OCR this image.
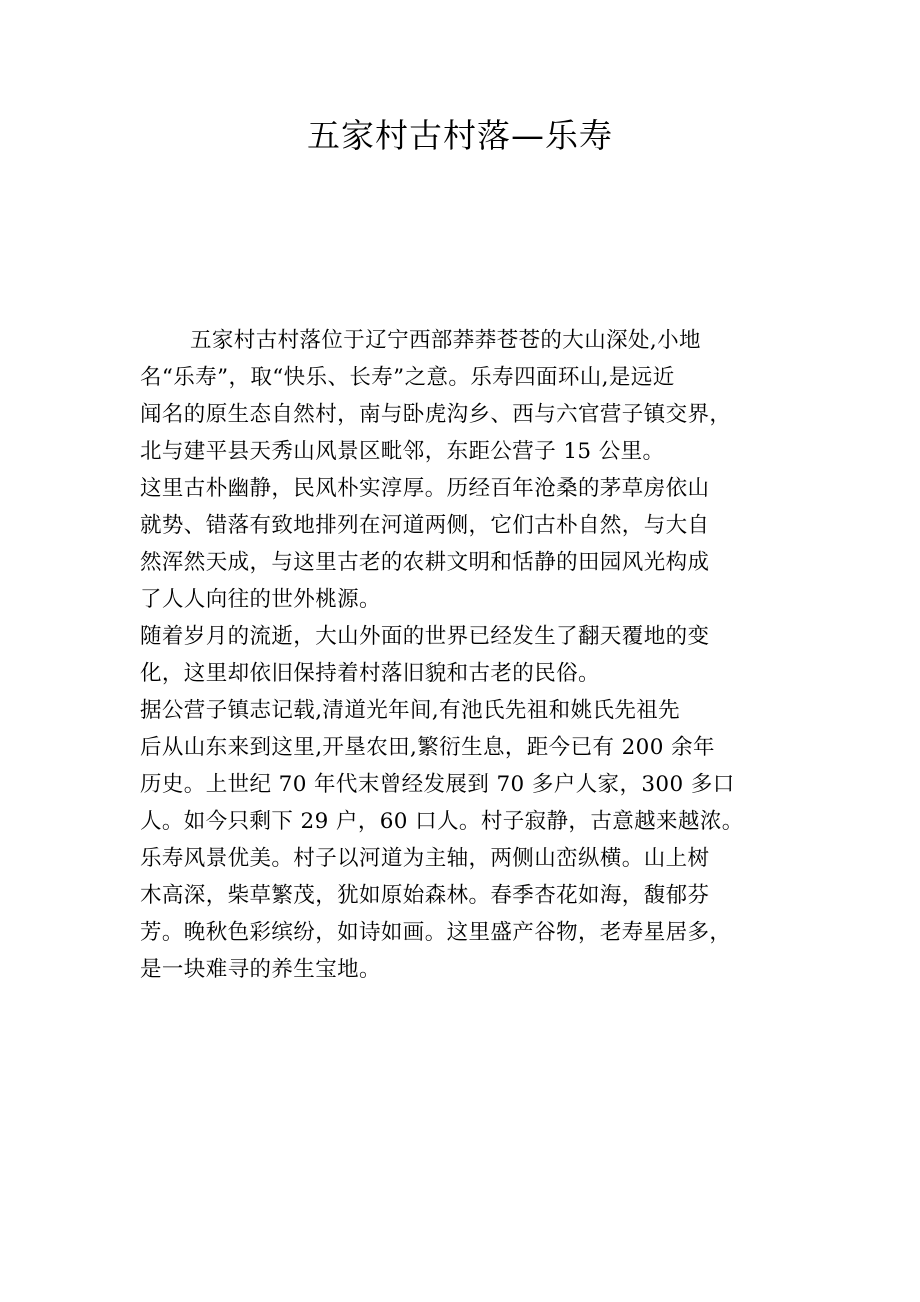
五家村古村落—乐寿
五家村古村落位于辽宁西部莽莽苍苍的大山深处,小地
名“乐寿”，取“快乐、长寿”之意。乐寿四面环山,是远近
闻名的原生态自然村，南与卧虎沟乡、西与六官营子镇交界，
北与建平县天秀山风景区毗邻，东距公营子 15 公里。
这里古朴幽静，民风朴实淳厚。历经百年沧桑的茅草房依山
就势、错落有致地排列在河道两侧，它们古朴自然，与大自
然浑然天成，与这里古老的农耕文明和恬静的田园风光构成
了人人向往的世外桃源。
随着岁月的流逝，大山外面的世界已经发生了翻天覆地的变
化，这里却依旧保持着村落旧貌和古老的民俗。
据公营子镇志记载,清道光年间,有池氏先祖和姚氏先祖先
后从山东来到这里,开垦农田,繁衍生息，距今已有 200 余年
历史。上世纪 70 年代末曾经发展到 70 多户人家，300 多口
人。如今只剩下 29 户，60 口人。村子寂静，古意越来越浓。
乐寿风景优美。村子以河道为主轴，两侧山峦纵横。山上树
木高深，柴草繁茂，犹如原始森林。春季杏花如海，馥郁芬
芳。晚秋色彩缤纷，如诗如画。这里盛产谷物，老寿星居多，
是一块难寻的养生宝地。
